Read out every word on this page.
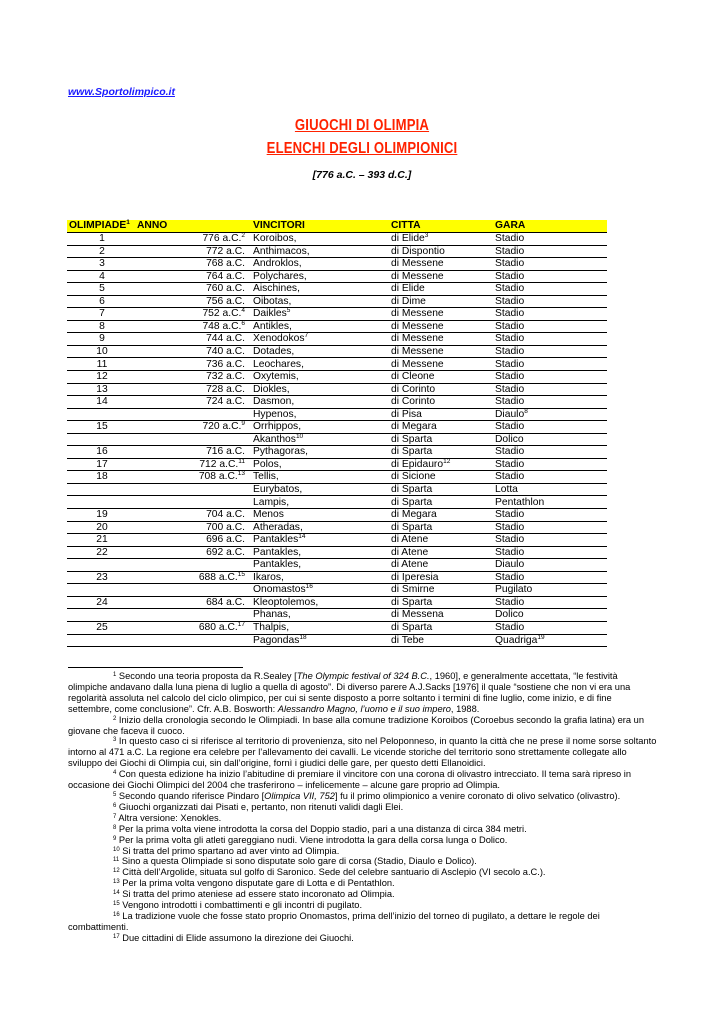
www.Sportolimpico.it
GIUOCHI DI OLIMPIA
ELENCHI DEGLI OLIMPIONICI
[776 a.C. – 393 d.C.]
OLIMPIADE$^1$	ANNO	VINCITORI	CITTA	GARA
1	776 a.C.$^2$	Koroibos,	di Elide$^3$	Stadio
2	772 a.C.	Anthimacos,	di Dispontio	Stadio
3	768 a.C.	Androklos,	di Messene	Stadio
4	764 a.C.	Polychares,	di Messene	Stadio
5	760 a.C.	Aischines,	di Elide	Stadio
6	756 a.C.	Oibotas,	di Dime	Stadio
7	752 a.C.$^4$	Daikles$^5$	di Messene	Stadio
8	748 a.C.$^6$	Antikles,	di Messene	Stadio
9	744 a.C.	Xenodokos$^7$	di Messene	Stadio
10	740 a.C.	Dotades,	di Messene	Stadio
11	736 a.C.	Leochares,	di Messene	Stadio
12	732 a.C.	Oxytemis,	di Cleone	Stadio
13	728 a.C.	Diokles,	di Corinto	Stadio
14	724 a.C.	Dasmon,	di Corinto	Stadio
		Hypenos,	di Pisa	Diaulo$^8$
15	720 a.C.$^9$	Orrhippos,	di Megara	Stadio
		Akanthos$^{10}$	di Sparta	Dolico
16	716 a.C.	Pythagoras,	di Sparta	Stadio
17	712 a.C.$^{11}$	Polos,	di Epidauro$^{12}$	Stadio
18	708 a.C.$^{13}$	Tellis,	di Sicione	Stadio
		Eurybatos,	di Sparta	Lotta
		Lampis,	di Sparta	Pentathlon
19	704 a.C.	Menos	di Megara	Stadio
20	700 a.C.	Atheradas,	di Sparta	Stadio
21	696 a.C.	Pantakles$^{14}$	di Atene	Stadio
22	692 a.C.	Pantakles,	di Atene	Stadio
		Pantakles,	di Atene	Diaulo
23	688 a.C.$^{15}$	Ikaros,	di Iperesia	Stadio
		Onomastos$^{16}$	di Smirne	Pugilato
24	684 a.C.	Kleoptolemos,	di Sparta	Stadio
		Phanas,	di Messena	Dolico
25	680 a.C.$^{17}$	Thalpis,	di Sparta	Stadio
		Pagondas$^{18}$	di Tebe	Quadriga$^{19}$

$^1$ Secondo una teoria proposta da R.Sealey [The Olympic festival of 324 B.C., 1960], e generalmente accettata, “le festività olimpiche andavano dalla luna piena di luglio a quella di agosto”. Di diverso parere A.J.Sacks [1976] il quale “sostiene che non vi era una regolarità assoluta nel calcolo del ciclo olimpico, per cui si sente disposto a porre soltanto i termini di fine luglio, come inizio, e di fine settembre, come conclusione”. Cfr. A.B. Bosworth: Alessandro Magno, l’uomo e il suo impero, 1988.

$^2$ Inizio della cronologia secondo le Olimpiadi. In base alla comune tradizione Koroibos (Coroebus secondo la grafia latina) era un giovane che faceva il cuoco.

$^3$ In questo caso ci si riferisce al territorio di provenienza, sito nel Peloponneso, in quanto la città che ne prese il nome sorse soltanto intorno al 471 a.C. La regione era celebre per l’allevamento dei cavalli. Le vicende storiche del territorio sono strettamente collegate allo sviluppo dei Giochi di Olimpia cui, sin dall’origine, fornì i giudici delle gare, per questo detti Ellanoidici.

$^4$ Con questa edizione ha inizio l’abitudine di premiare il vincitore con una corona di olivastro intrecciato. Il tema sarà ripreso in occasione dei Giochi Olimpici del 2004 che trasferirono – infelicemente – alcune gare proprio ad Olimpia.

$^5$ Secondo quando riferisce Pindaro [Olimpica VII, 752] fu il primo olimpionico a venire coronato di olivo selvatico (olivastro).

$^6$ Giuochi organizzati dai Pisati e, pertanto, non ritenuti validi dagli Elei.

$^7$ Altra versione: Xenokles.

$^8$ Per la prima volta viene introdotta la corsa del Doppio stadio, pari a una distanza di circa 384 metri.

$^9$ Per la prima volta gli atleti gareggiano nudi. Viene introdotta la gara della corsa lunga o Dolico.

$^{10}$ Si tratta del primo spartano ad aver vinto ad Olimpia.

$^{11}$ Sino a questa Olimpiade si sono disputate solo gare di corsa (Stadio, Diaulo e Dolico).

$^{12}$ Città dell’Argolide, situata sul golfo di Saronico. Sede del celebre santuario di Asclepio (VI secolo a.C.).

$^{13}$ Per la prima volta vengono disputate gare di Lotta e di Pentathlon.

$^{14}$ Si tratta del primo ateniese ad essere stato incoronato ad Olimpia.

$^{15}$ Vengono introdotti i combattimenti e gli incontri di pugilato.

$^{16}$ La tradizione vuole che fosse stato proprio Onomastos, prima dell’inizio del torneo di pugilato, a dettare le regole dei combattimenti.

$^{17}$ Due cittadini di Elide assumono la direzione dei Giuochi.
